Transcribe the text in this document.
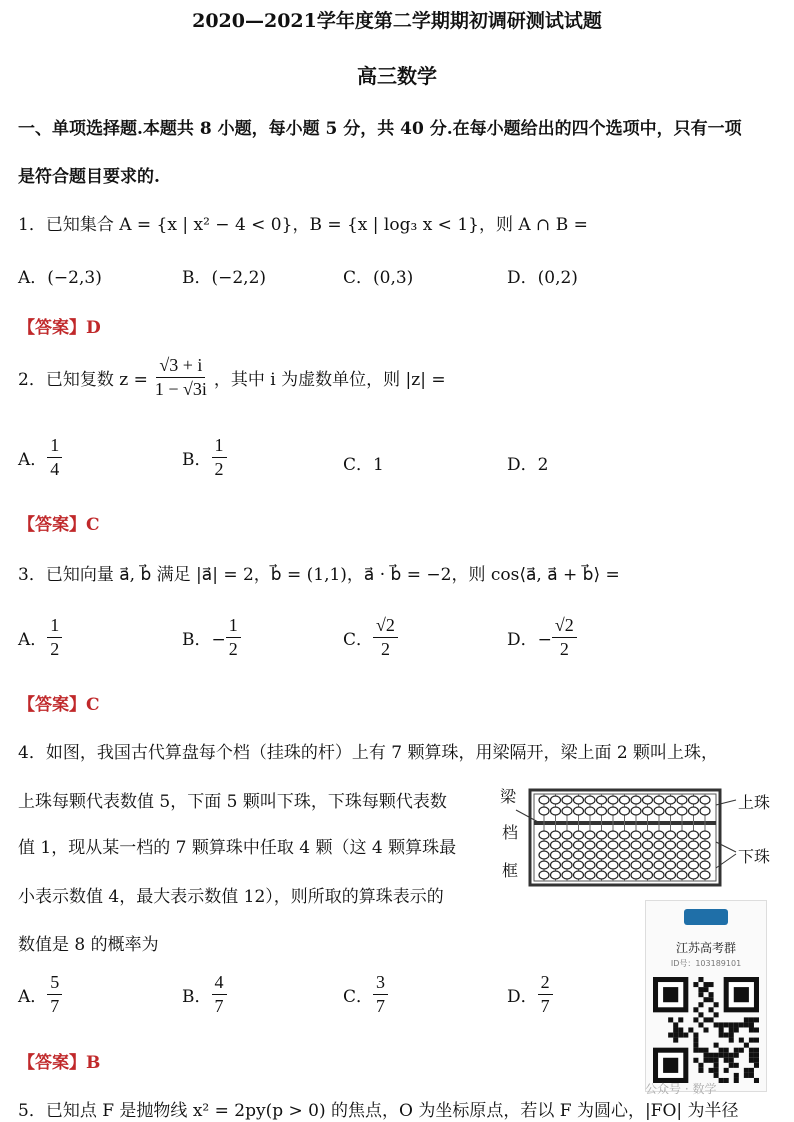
2020—2021学年度第二学期期初调研测试试题
高三数学
一、单项选择题.本题共 8 小题，每小题 5 分，共 40 分.在每小题给出的四个选项中，只有一项
是符合题目要求的.
1．已知集合 A = {x | x² − 4 < 0}，B = {x | log₃ x < 1}，则 A ∩ B =
A．(−2,3)	B．(−2,2)	C．(0,3)	D．(0,2)
【答案】D
2．已知复数 $z = \frac{√3 + i}{1 - √3i}$ ，其中 i 为虚数单位，则 |z| =
A． $\frac{1}{4}$	B． $\frac{1}{2}$	C．1	D．2
【答案】C
3．已知向量 a⃗, b⃗ 满足 |a⃗| = 2，b⃗ = (1,1)，a⃗ · b⃗ = −2，则 cos⟨a⃗, a⃗ + b⃗⟩ =
A． $\frac{1}{2}$	B．− $\frac{1}{2}$	C． $\frac{√2}{2}$	D．− $\frac{√2}{2}$
【答案】C
4．如图，我国古代算盘每个档（挂珠的杆）上有 7 颗算珠，用梁隔开，梁上面 2 颗叫上珠，
上珠每颗代表数值 5，下面 5 颗叫下珠，下珠每颗代表数
值 1，现从某一档的 7 颗算珠中任取 4 颗（这 4 颗算珠最
小表示数值 4，最大表示数值 12），则所取的算珠表示的
数值是 8 的概率为
梁
档
框
上珠
下珠
A． $\frac{5}{7}$	B． $\frac{4}{7}$	C． $\frac{3}{7}$	D． $\frac{2}{7}$
【答案】B
江苏高考群
ID号：103189101
公众号 · 数学
5．已知点 F 是抛物线 x² = 2py(p > 0) 的焦点，O 为坐标原点，若以 F 为圆心，|FO| 为半径
